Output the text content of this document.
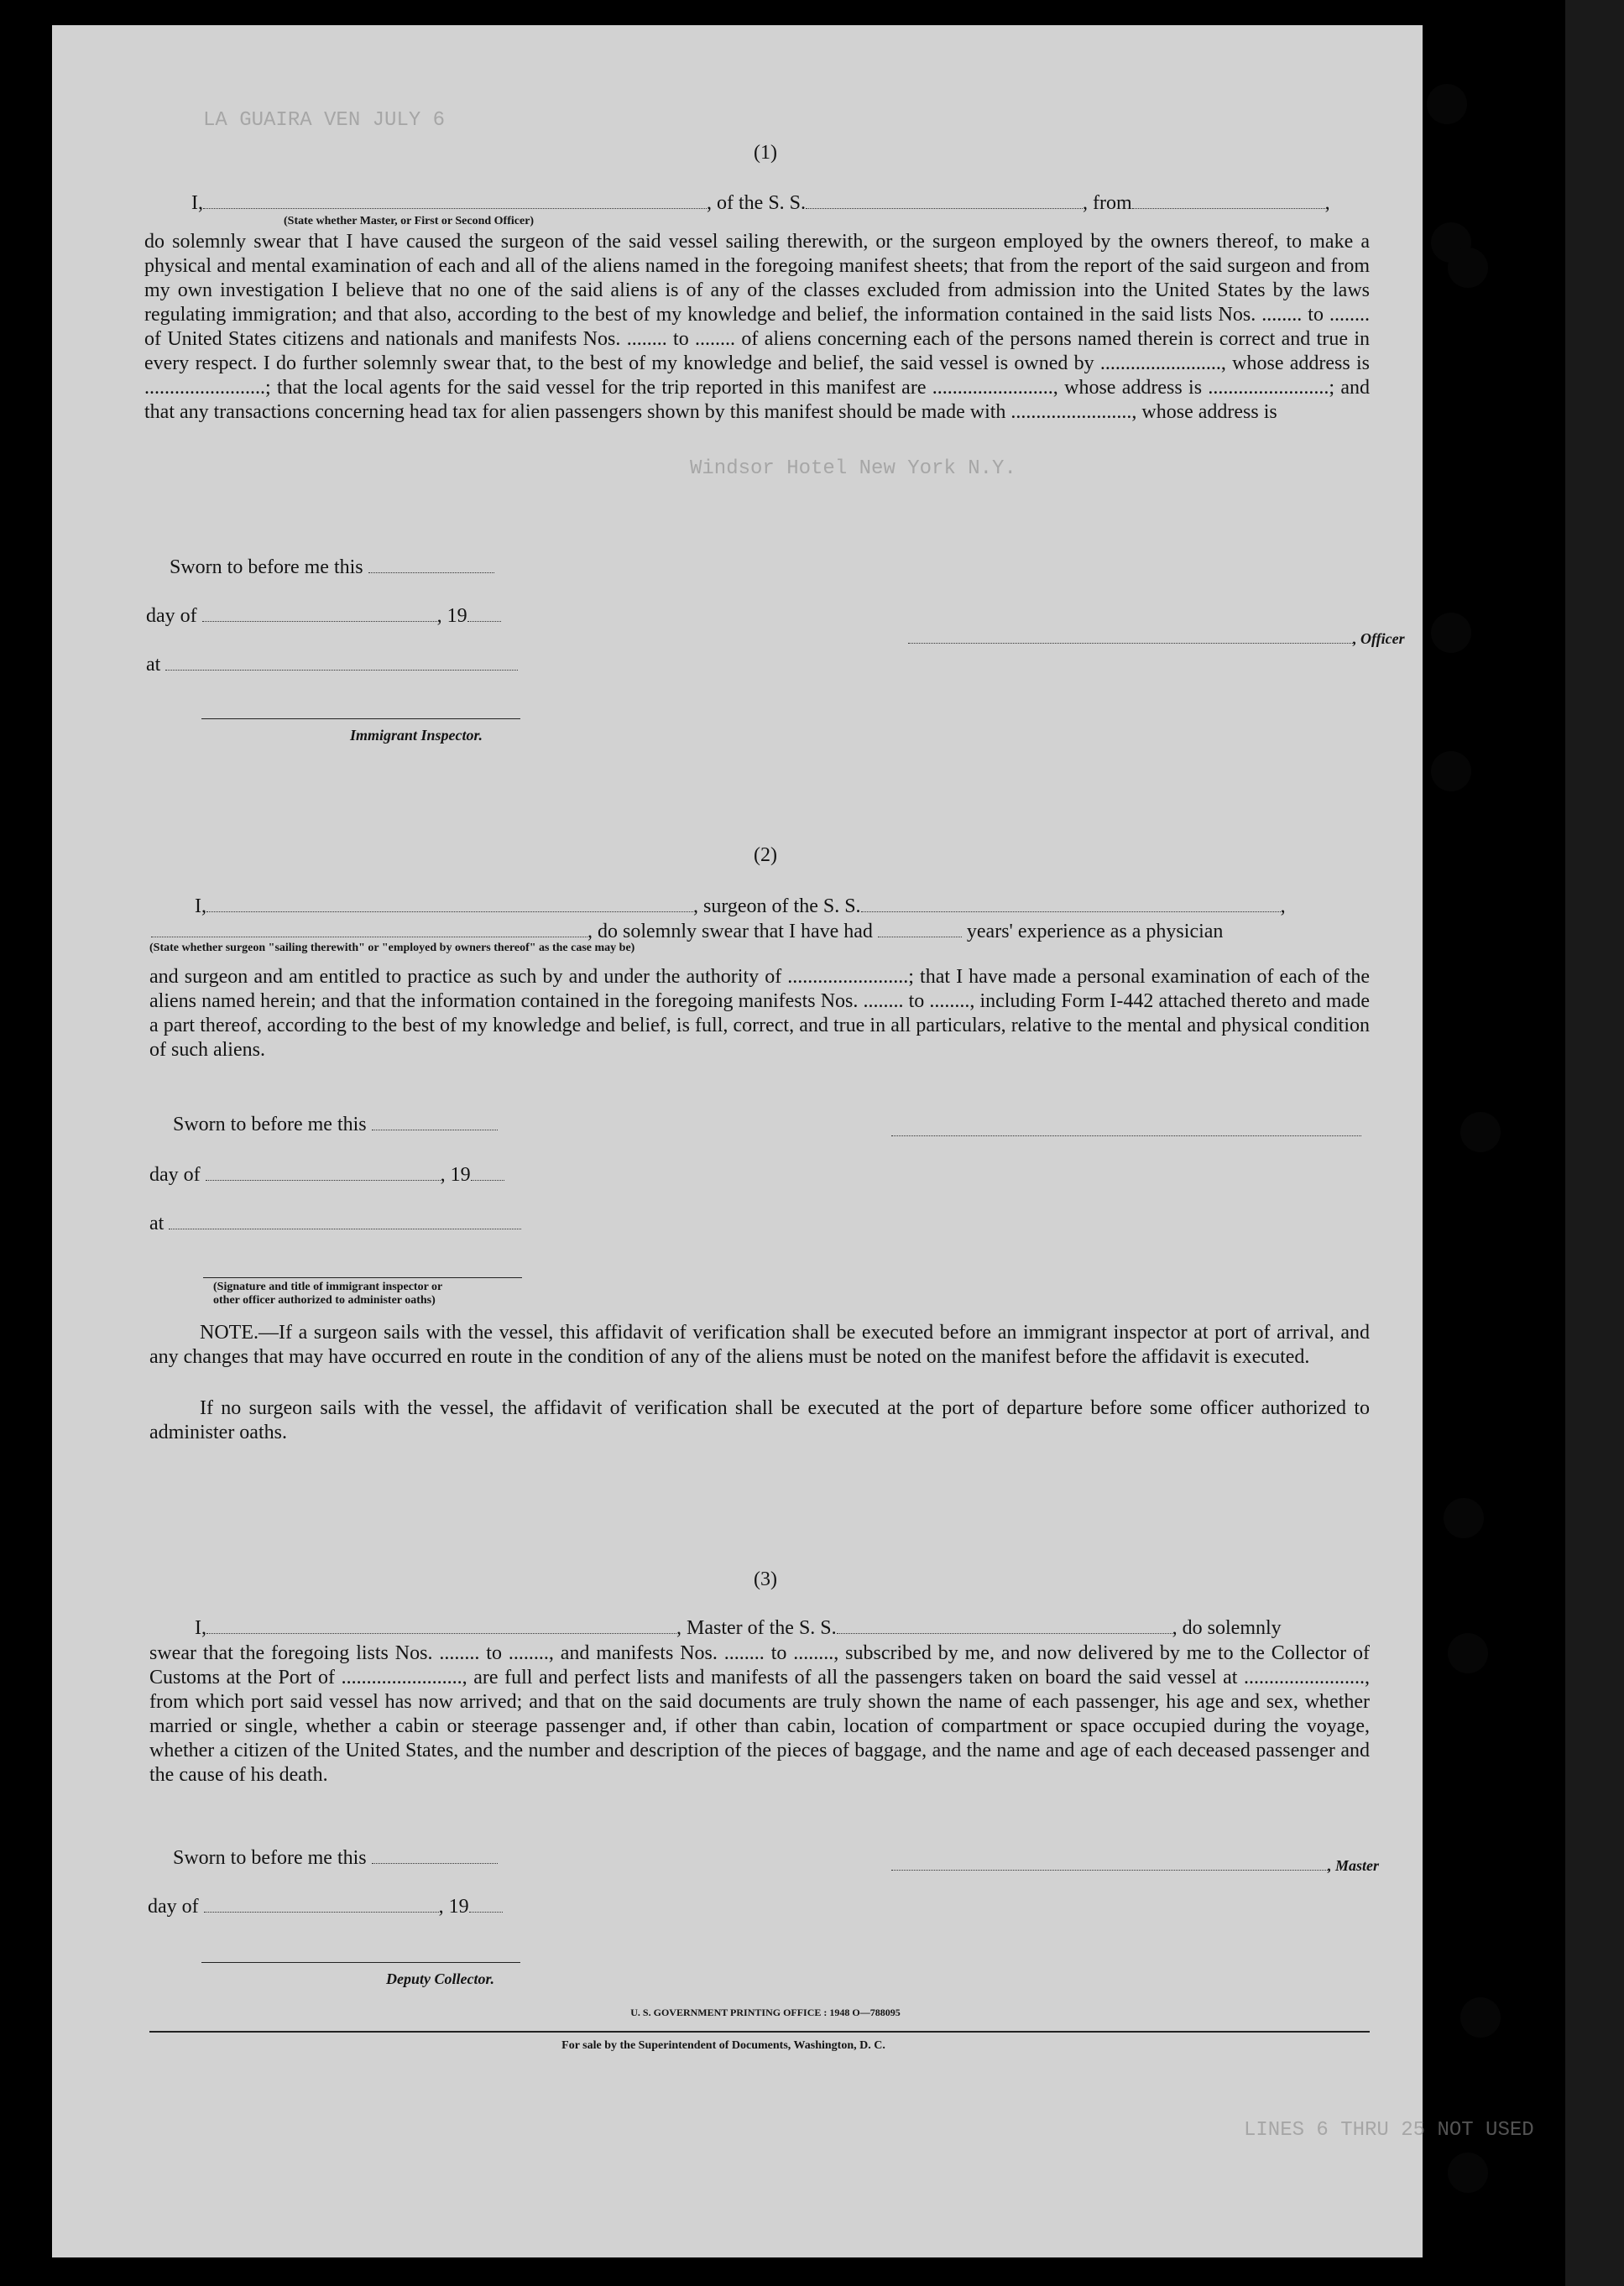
LA GUAIRA VEN JULY 6
Windsor Hotel New York N.Y.
LINES 6 THRU 25 NOT USED
(1)
I,	, of the S. S.	, from	,
(State whether Master, or First or Second Officer)
do solemnly swear that I have caused the surgeon of the said vessel sailing therewith, or the surgeon employed by the owners thereof, to make a physical and mental examination of each and all of the aliens named in the foregoing manifest sheets; that from the report of the said surgeon and from my own investigation I believe that no one of the said aliens is of any of the classes excluded from admission into the United States by the laws regulating immigration; and that also, according to the best of my knowledge and belief, the information contained in the said lists Nos. ........ to ........ of United States citizens and nationals and manifests Nos. ........ to ........ of aliens concerning each of the persons named therein is correct and true in every respect. I do further solemnly swear that, to the best of my knowledge and belief, the said vessel is owned by ........................, whose address is ........................; that the local agents for the said vessel for the trip reported in this manifest are ........................, whose address is ........................; and that any transactions concerning head tax for alien passengers shown by this manifest should be made with ........................, whose address is
Sworn to before me this
day of	, 19
at
, Officer
Immigrant Inspector.
(2)
I,	, surgeon of the S. S.	,
, do solemnly swear that I have had	years' experience as a physician
(State whether surgeon "sailing therewith" or "employed by owners thereof" as the case may be)
and surgeon and am entitled to practice as such by and under the authority of ........................; that I have made a personal examination of each of the aliens named herein; and that the information contained in the foregoing manifests Nos. ........ to ........, including Form I-442 attached thereto and made a part thereof, according to the best of my knowledge and belief, is full, correct, and true in all particulars, relative to the mental and physical condition of such aliens.
Sworn to before me this
day of	, 19
at
(Signature and title of immigrant inspector or
other officer authorized to administer oaths)
NOTE.—If a surgeon sails with the vessel, this affidavit of verification shall be executed before an immigrant inspector at port of arrival, and any changes that may have occurred en route in the condition of any of the aliens must be noted on the manifest before the affidavit is executed.
If no surgeon sails with the vessel, the affidavit of verification shall be executed at the port of departure before some officer authorized to administer oaths.
(3)
I,	, Master of the S. S.	, do solemnly
swear that the foregoing lists Nos. ........ to ........, and manifests Nos. ........ to ........, subscribed by me, and now delivered by me to the Collector of Customs at the Port of ........................, are full and perfect lists and manifests of all the passengers taken on board the said vessel at ........................, from which port said vessel has now arrived; and that on the said documents are truly shown the name of each passenger, his age and sex, whether married or single, whether a cabin or steerage passenger and, if other than cabin, location of compartment or space occupied during the voyage, whether a citizen of the United States, and the number and description of the pieces of baggage, and the name and age of each deceased passenger and the cause of his death.
Sworn to before me this	, Master
day of	, 19
Deputy Collector.
U. S. GOVERNMENT PRINTING OFFICE : 1948 O—788095
For sale by the Superintendent of Documents, Washington, D. C.
